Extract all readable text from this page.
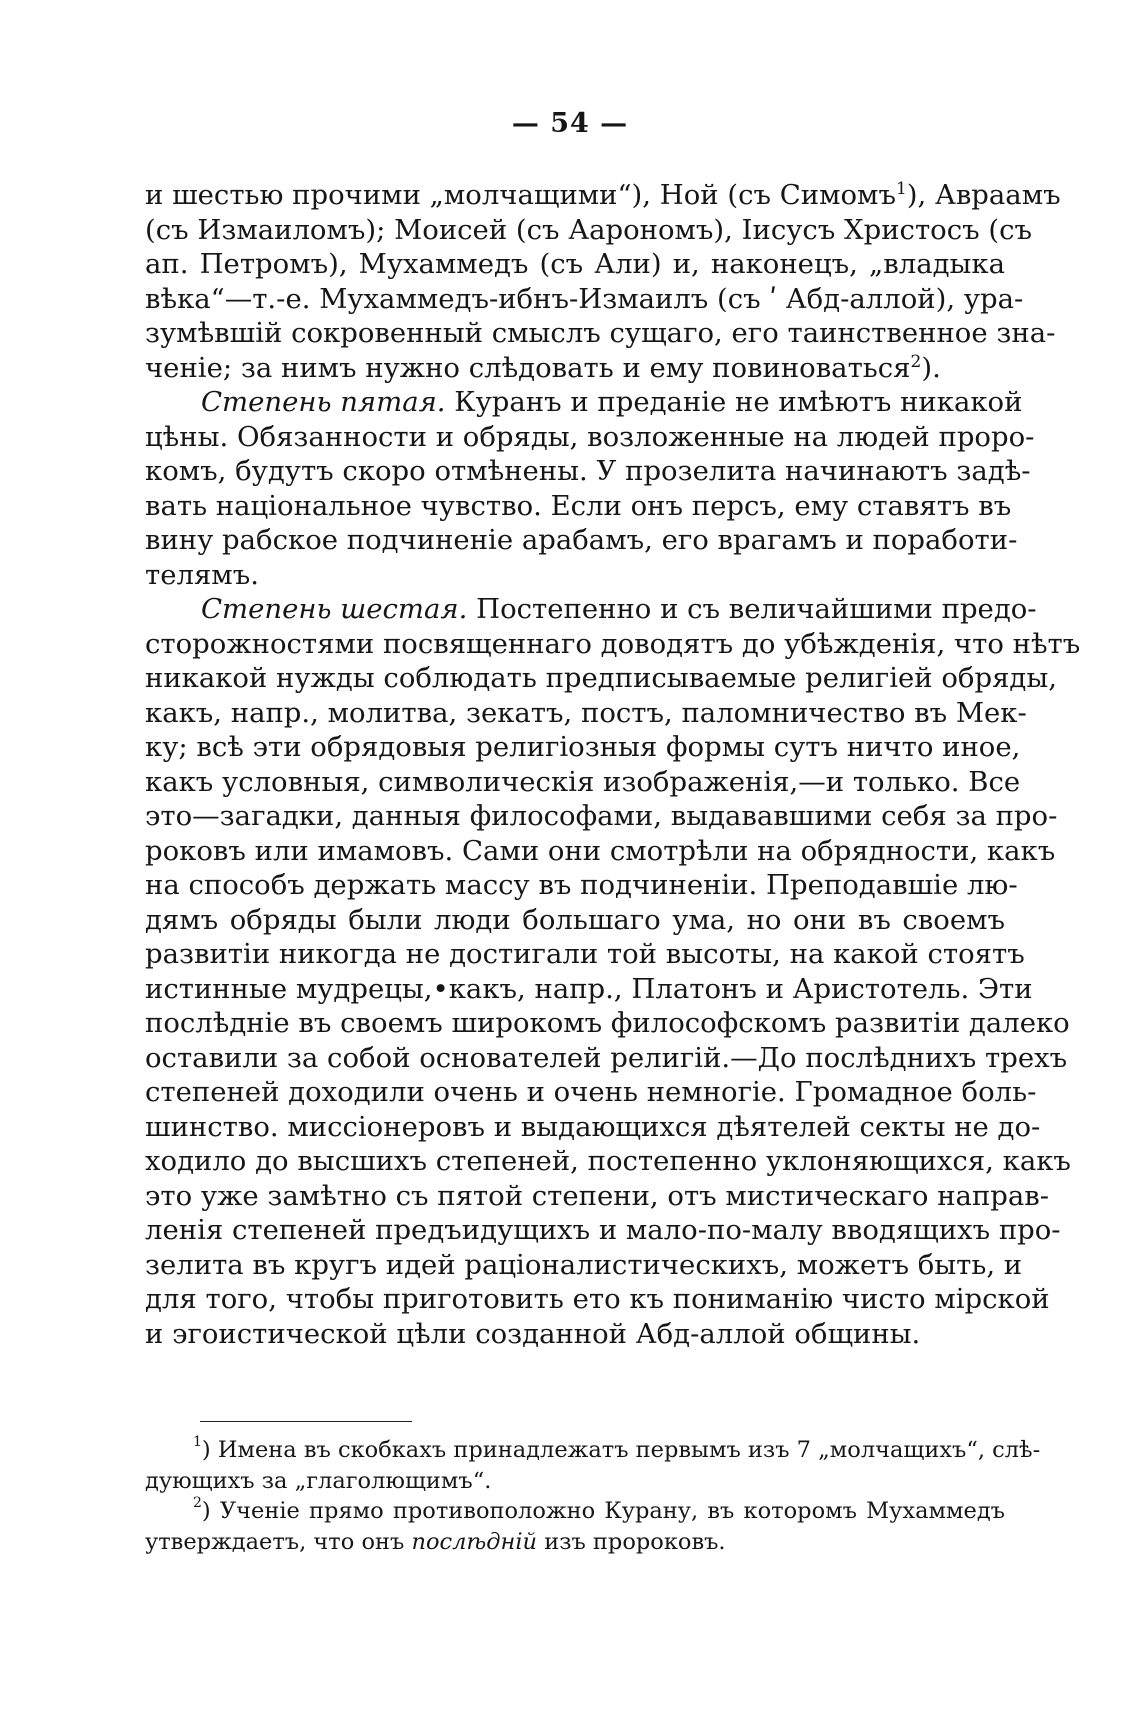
— 54 —
и шестью прочими „молчащими“), Ной (съ Симомъ$^1$), Авраамъ
(съ Измаиломъ); Моисей (съ Аарономъ), Іисусъ Христосъ (съ
ап. Петромъ), Мухаммедъ (съ Али) и, наконецъ, „владыка
вѣка“—т.-е. Мухаммедъ-ибнъ-Измаилъ (съ ʹ Абд-аллой), ура-
зумѣвшій сокровенный смыслъ сущаго, его таинственное зна-
ченіе; за нимъ нужно слѣдовать и ему повиноваться$^2$).
Степень пятая. Куранъ и преданіе не имѣютъ никакой
цѣны. Обязанности и обряды, возложенные на людей проро-
комъ, будутъ скоро отмѣнены. У прозелита начинаютъ задѣ-
вать національное чувство. Если онъ персъ, ему ставятъ въ
вину рабское подчиненіе арабамъ, его врагамъ и поработи-
телямъ.
Степень шестая. Постепенно и съ величайшими предо-
сторожностями посвященнаго доводятъ до убѣжденія, что нѣтъ
никакой нужды соблюдать предписываемые религіей обряды,
какъ, напр., молитва, зекатъ, постъ, паломничество въ Мек-
ку; всѣ эти обрядовыя религіозныя формы сутъ ничто иное,
какъ условныя, символическія изображенія,—и только. Все
это—загадки, данныя философами, выдававшими себя за про-
роковъ или имамовъ. Сами они смотрѣли на обрядности, какъ
на способъ держать массу въ подчиненіи. Преподавшіе лю-
дямъ обряды были люди большаго ума, но они въ своемъ
развитіи никогда не достигали той высоты, на какой стоятъ
истинные мудрецы,•какъ, напр., Платонъ и Аристотель. Эти
послѣдніе въ своемъ широкомъ философскомъ развитіи далеко
оставили за собой основателей религій.—До послѣднихъ трехъ
степеней доходили очень и очень немногіе. Громадное боль-
шинство. миссіонеровъ и выдающихся дѣятелей секты не до-
ходило до высшихъ степеней, постепенно уклоняющихся, какъ
это уже замѣтно съ пятой степени, отъ мистическаго направ-
ленія степеней предъидущихъ и мало-по-малу вводящихъ про-
зелита въ кругъ идей раціоналистическихъ, можетъ быть, и
для того, чтобы приготовить ето къ пониманію чисто мірской
и эгоистической цѣли созданной Абд-аллой общины.
$^1$) Имена въ скобкахъ принадлежатъ первымъ изъ 7 „молчащихъ“, слѣ-
дующихъ за „глаголющимъ“.
$^2$) Ученіе прямо противоположно Курану, въ которомъ Мухаммедъ
утверждаетъ, что онъ послѣдній изъ пророковъ.
